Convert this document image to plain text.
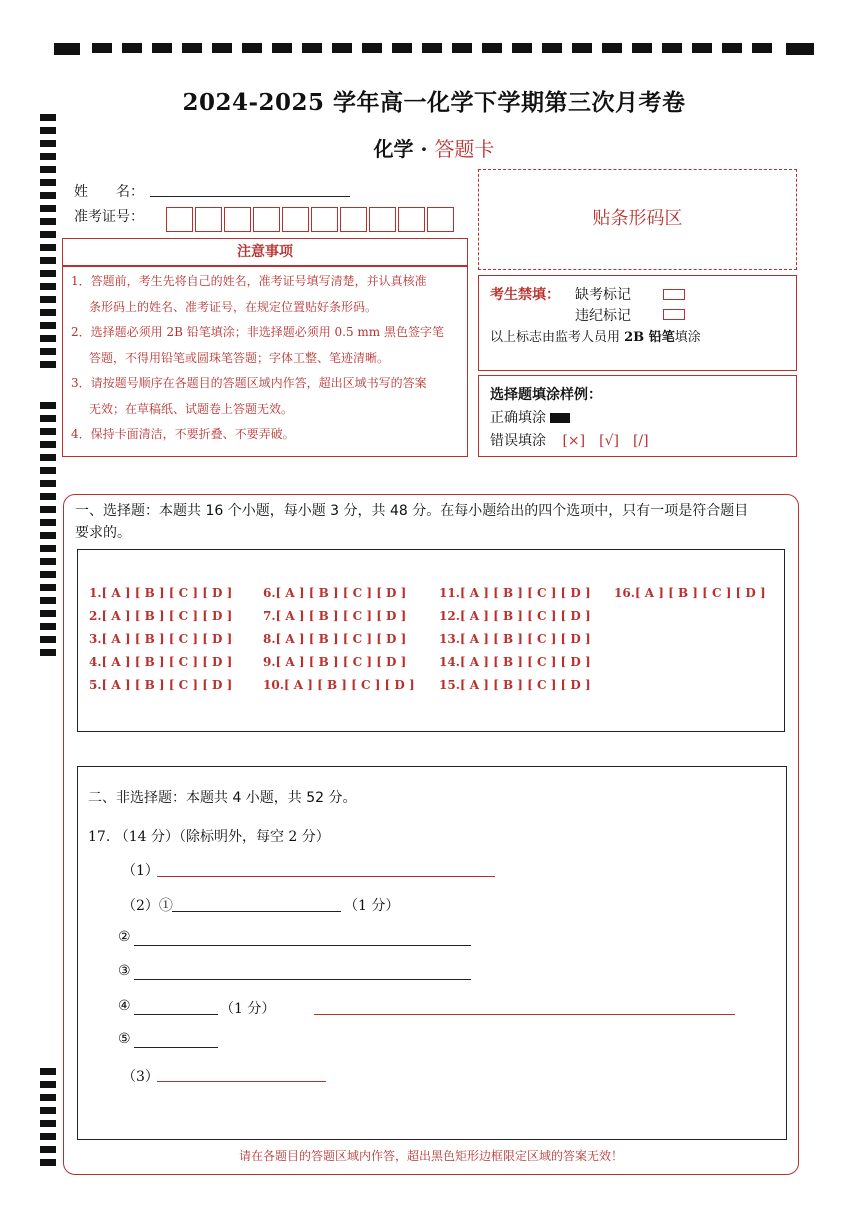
2024-2025 学年高一化学下学期第三次月考卷
化学 · 答题卡
姓　　名：
准考证号：	贴条形码区
注意事项

1．答题前，考生先将自己的姓名，准考证号填写清楚，并认真核准

条形码上的姓名、准考证号，在规定位置贴好条形码。

2．选择题必须用 2B 铅笔填涂；非选择题必须用 0.5 mm 黑色签字笔

答题，不得用铅笔或圆珠笔答题；字体工整、笔迹清晰。

3．请按题号顺序在各题目的答题区域内作答，超出区域书写的答案

无效；在草稿纸、试题卷上答题无效。

4．保持卡面清洁，不要折叠、不要弄破。

考生禁填： 缺考标记
违纪标记
以上标志由监考人员用 2B 铅笔填涂
选择题填涂样例：
正确填涂
错误填涂 [×]　[√]　[/]
一、选择题：本题共 16 个小题，每小题 3 分，共 48 分。在每小题给出的四个选项中，只有一项是符合题目
要求的。
1.[ A ] [ B ] [ C ] [ D ]
2.[ A ] [ B ] [ C ] [ D ]
3.[ A ] [ B ] [ C ] [ D ]
4.[ A ] [ B ] [ C ] [ D ]
5.[ A ] [ B ] [ C ] [ D ]
6.[ A ] [ B ] [ C ] [ D ]
7.[ A ] [ B ] [ C ] [ D ]
8.[ A ] [ B ] [ C ] [ D ]
9.[ A ] [ B ] [ C ] [ D ]
10.[ A ] [ B ] [ C ] [ D ]
11.[ A ] [ B ] [ C ] [ D ]
12.[ A ] [ B ] [ C ] [ D ]
13.[ A ] [ B ] [ C ] [ D ]
14.[ A ] [ B ] [ C ] [ D ]
15.[ A ] [ B ] [ C ] [ D ]
16.[ A ] [ B ] [ C ] [ D ]
二、非选择题：本题共 4 小题，共 52 分。
17. （14 分）（除标明外，每空 2 分）
（1）
（2）①	（1 分）
②
③
④	（1 分）
⑤
（3）
请在各题目的答题区域内作答，超出黑色矩形边框限定区域的答案无效！
